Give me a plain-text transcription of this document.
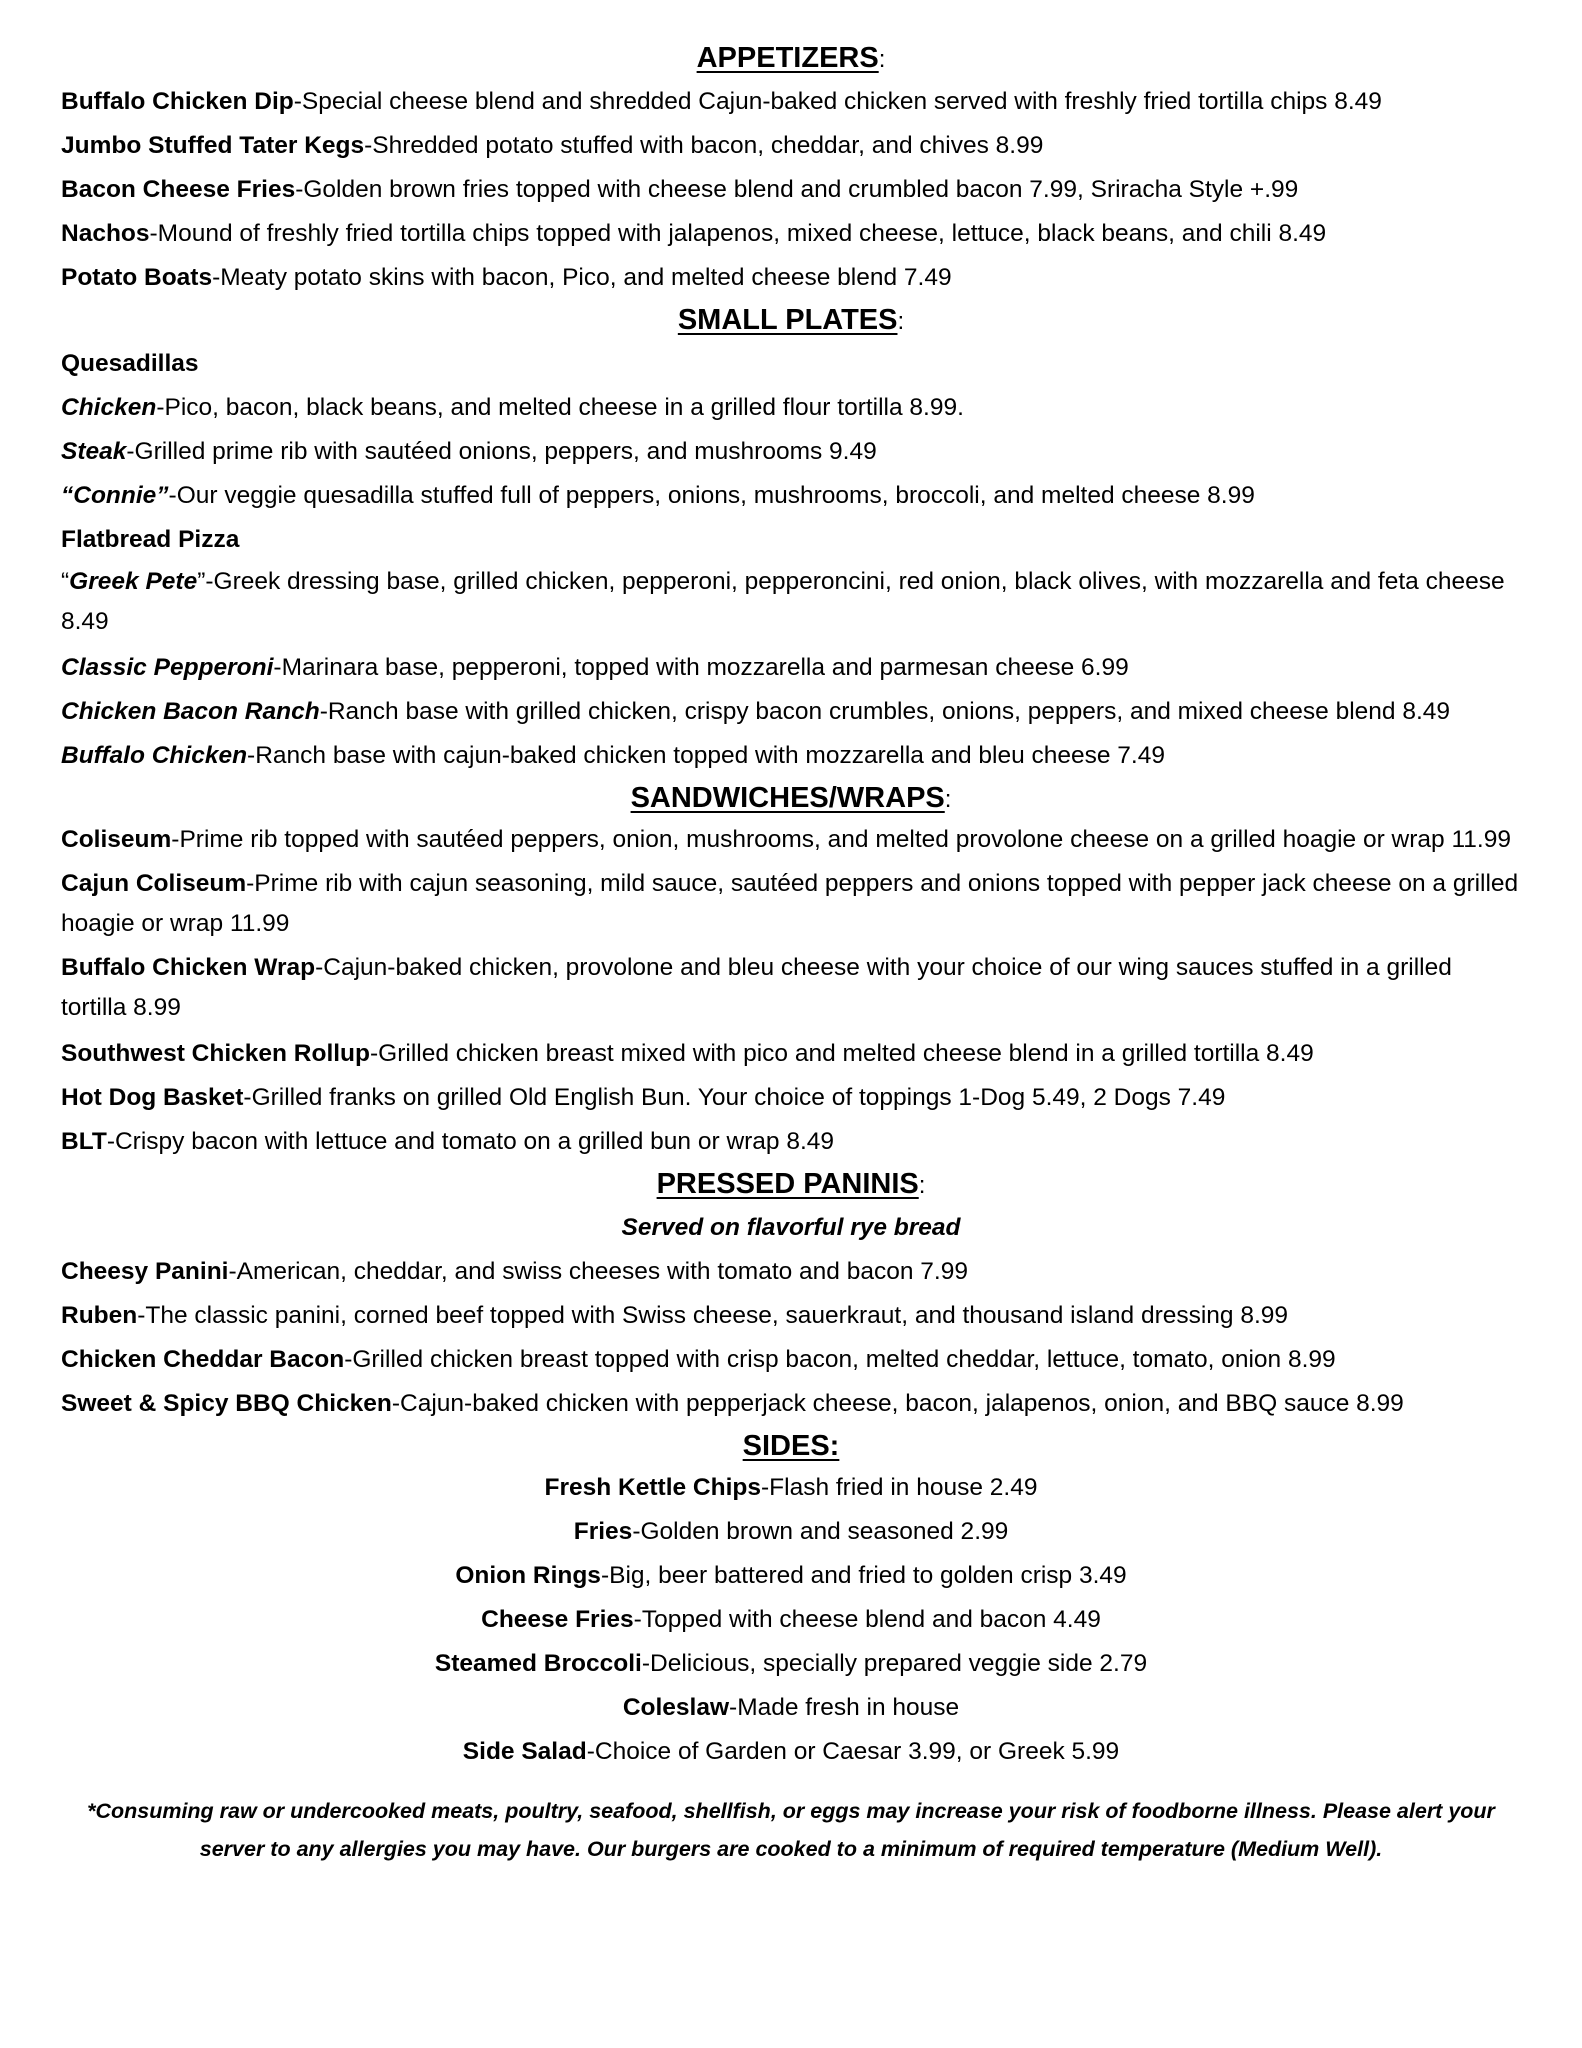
APPETIZERS:

Buffalo Chicken Dip-Special cheese blend and shredded Cajun-baked chicken served with freshly fried tortilla chips 8.49

Jumbo Stuffed Tater Kegs-Shredded potato stuffed with bacon, cheddar, and chives 8.99

Bacon Cheese Fries-Golden brown fries topped with cheese blend and crumbled bacon 7.99, Sriracha Style +.99

Nachos-Mound of freshly fried tortilla chips topped with jalapenos, mixed cheese, lettuce, black beans, and chili 8.49

Potato Boats-Meaty potato skins with bacon, Pico, and melted cheese blend 7.49

SMALL PLATES:

Quesadillas

Chicken-Pico, bacon, black beans, and melted cheese in a grilled flour tortilla 8.99.

Steak-Grilled prime rib with sautéed onions, peppers, and mushrooms 9.49

“Connie”-Our veggie quesadilla stuffed full of peppers, onions, mushrooms, broccoli, and melted cheese 8.99

Flatbread Pizza

“Greek Pete”-Greek dressing base, grilled chicken, pepperoni, pepperoncini, red onion, black olives, with mozzarella and feta cheese 8.49

Classic Pepperoni-Marinara base, pepperoni, topped with mozzarella and parmesan cheese 6.99

Chicken Bacon Ranch-Ranch base with grilled chicken, crispy bacon crumbles, onions, peppers, and mixed cheese blend 8.49

Buffalo Chicken-Ranch base with cajun-baked chicken topped with mozzarella and bleu cheese 7.49

SANDWICHES/WRAPS:

Coliseum-Prime rib topped with sautéed peppers, onion, mushrooms, and melted provolone cheese on a grilled hoagie or wrap 11.99

Cajun Coliseum-Prime rib with cajun seasoning, mild sauce, sautéed peppers and onions topped with pepper jack cheese on a grilled hoagie or wrap 11.99

Buffalo Chicken Wrap-Cajun-baked chicken, provolone and bleu cheese with your choice of our wing sauces stuffed in a grilled tortilla 8.99

Southwest Chicken Rollup-Grilled chicken breast mixed with pico and melted cheese blend in a grilled tortilla 8.49

Hot Dog Basket-Grilled franks on grilled Old English Bun. Your choice of toppings 1-Dog 5.49, 2 Dogs 7.49

BLT-Crispy bacon with lettuce and tomato on a grilled bun or wrap 8.49

PRESSED PANINIS:

Served on flavorful rye bread

Cheesy Panini-American, cheddar, and swiss cheeses with tomato and bacon 7.99

Ruben-The classic panini, corned beef topped with Swiss cheese, sauerkraut, and thousand island dressing 8.99

Chicken Cheddar Bacon-Grilled chicken breast topped with crisp bacon, melted cheddar, lettuce, tomato, onion 8.99

Sweet & Spicy BBQ Chicken-Cajun-baked chicken with pepperjack cheese, bacon, jalapenos, onion, and BBQ sauce 8.99

SIDES:

Fresh Kettle Chips-Flash fried in house 2.49

Fries-Golden brown and seasoned 2.99

Onion Rings-Big, beer battered and fried to golden crisp 3.49

Cheese Fries-Topped with cheese blend and bacon 4.49

Steamed Broccoli-Delicious, specially prepared veggie side 2.79

Coleslaw-Made fresh in house

Side Salad-Choice of Garden or Caesar 3.99, or Greek 5.99

*Consuming raw or undercooked meats, poultry, seafood, shellfish, or eggs may increase your risk of foodborne illness. Please alert your server to any allergies you may have. Our burgers are cooked to a minimum of required temperature (Medium Well).
